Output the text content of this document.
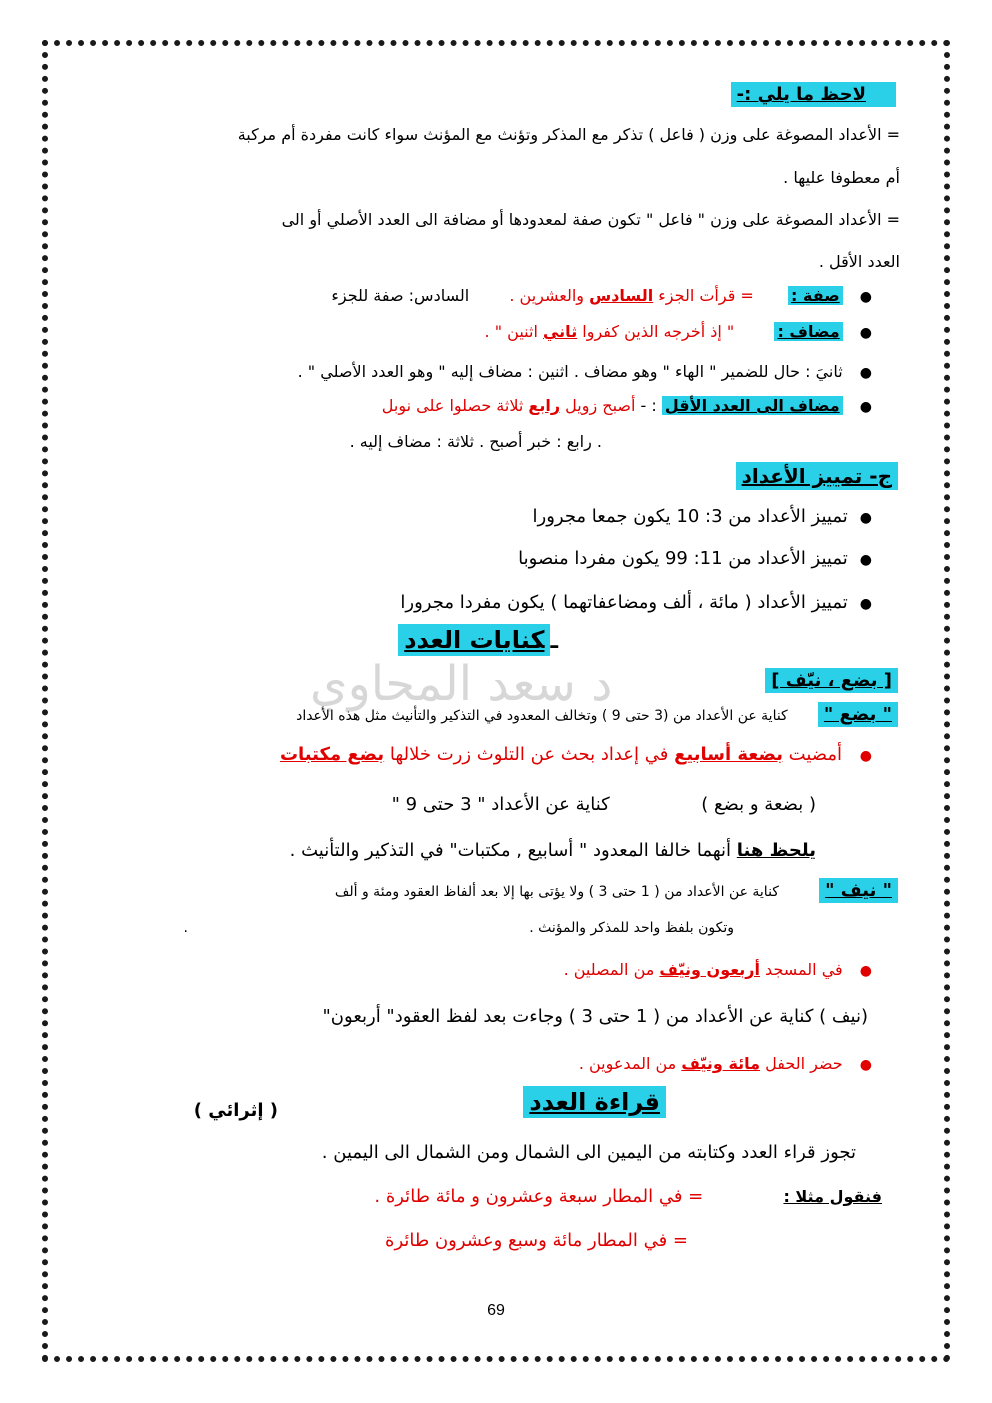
د سعد المحاوي
لاحظ ما يلي :-
= الأعداد المصوغة على وزن ( فاعل ) تذكر مع المذكر وتؤنث مع المؤنث سواء كانت مفردة أم مركبة
أم معطوفا عليها .
= الأعداد المصوغة على وزن " فاعل " تكون صفة لمعدودها أو مضافة الى العدد الأصلي أو الى
العدد الأقل .
● صفة :  = قرأت الجزء السادس والعشرين .  السادس: صفة للجزء
● مضاف :  " إذ أخرجه الذين كفروا ثاني اثنين " .
● ثانيَ : حال للضمير " الهاء " وهو مضاف . اثنين : مضاف إليه " وهو العدد الأصلي " .
● مضاف الى العدد الأقل : - أصبح زويل رابع ثلاثة حصلوا على نوبل
. رابع : خبر أصبح . ثلاثة : مضاف إليه .
ج- تمييز الأعداد
●تمييز الأعداد من 3: 10 يكون جمعا مجرورا
●تمييز الأعداد من 11: 99 يكون مفردا منصوبا
●تمييز الأعداد ( مائة ، ألف ومضاعفاتهما ) يكون مفردا مجرورا
ـكنايات العدد
[ بضع ، نيّف ]
" بضع "  كناية عن الأعداد من (3 حتى 9 ) وتخالف المعدود في التذكير والتأنيث مثل هذه الأعداد
● أمضيت بضعة أسابيع في إعداد بحث عن التلوث زرت خلالها بضع مكتبات
( بضعة و بضع )  كناية عن الأعداد " 3 حتى 9 "
يلحظ هنا أنهما خالفا المعدود " أسابيع , مكتبات" في التذكير والتأنيث .
" نيف "  كناية عن الأعداد من ( 1 حتى 3 ) ولا يؤتى بها إلا بعد ألفاظ العقود ومئة و ألف
وتكون بلفظ واحد للمذكر والمؤنث .
.
● في المسجد أربعون ونيّف من المصلين .
(نيف ) كناية عن الأعداد من ( 1 حتى 3 ) وجاءت بعد لفظ العقود" أربعون"
● حضر الحفل مائة ونيّف من المدعوين .
قراءة العدد
( إثرائي )
تجوز قراء العدد وكتابته من اليمين الى الشمال ومن الشمال الى اليمين .
فنقول مثلا :  = في المطار سبعة وعشرون و مائة طائرة .
= في المطار مائة وسبع وعشرون طائرة
69
